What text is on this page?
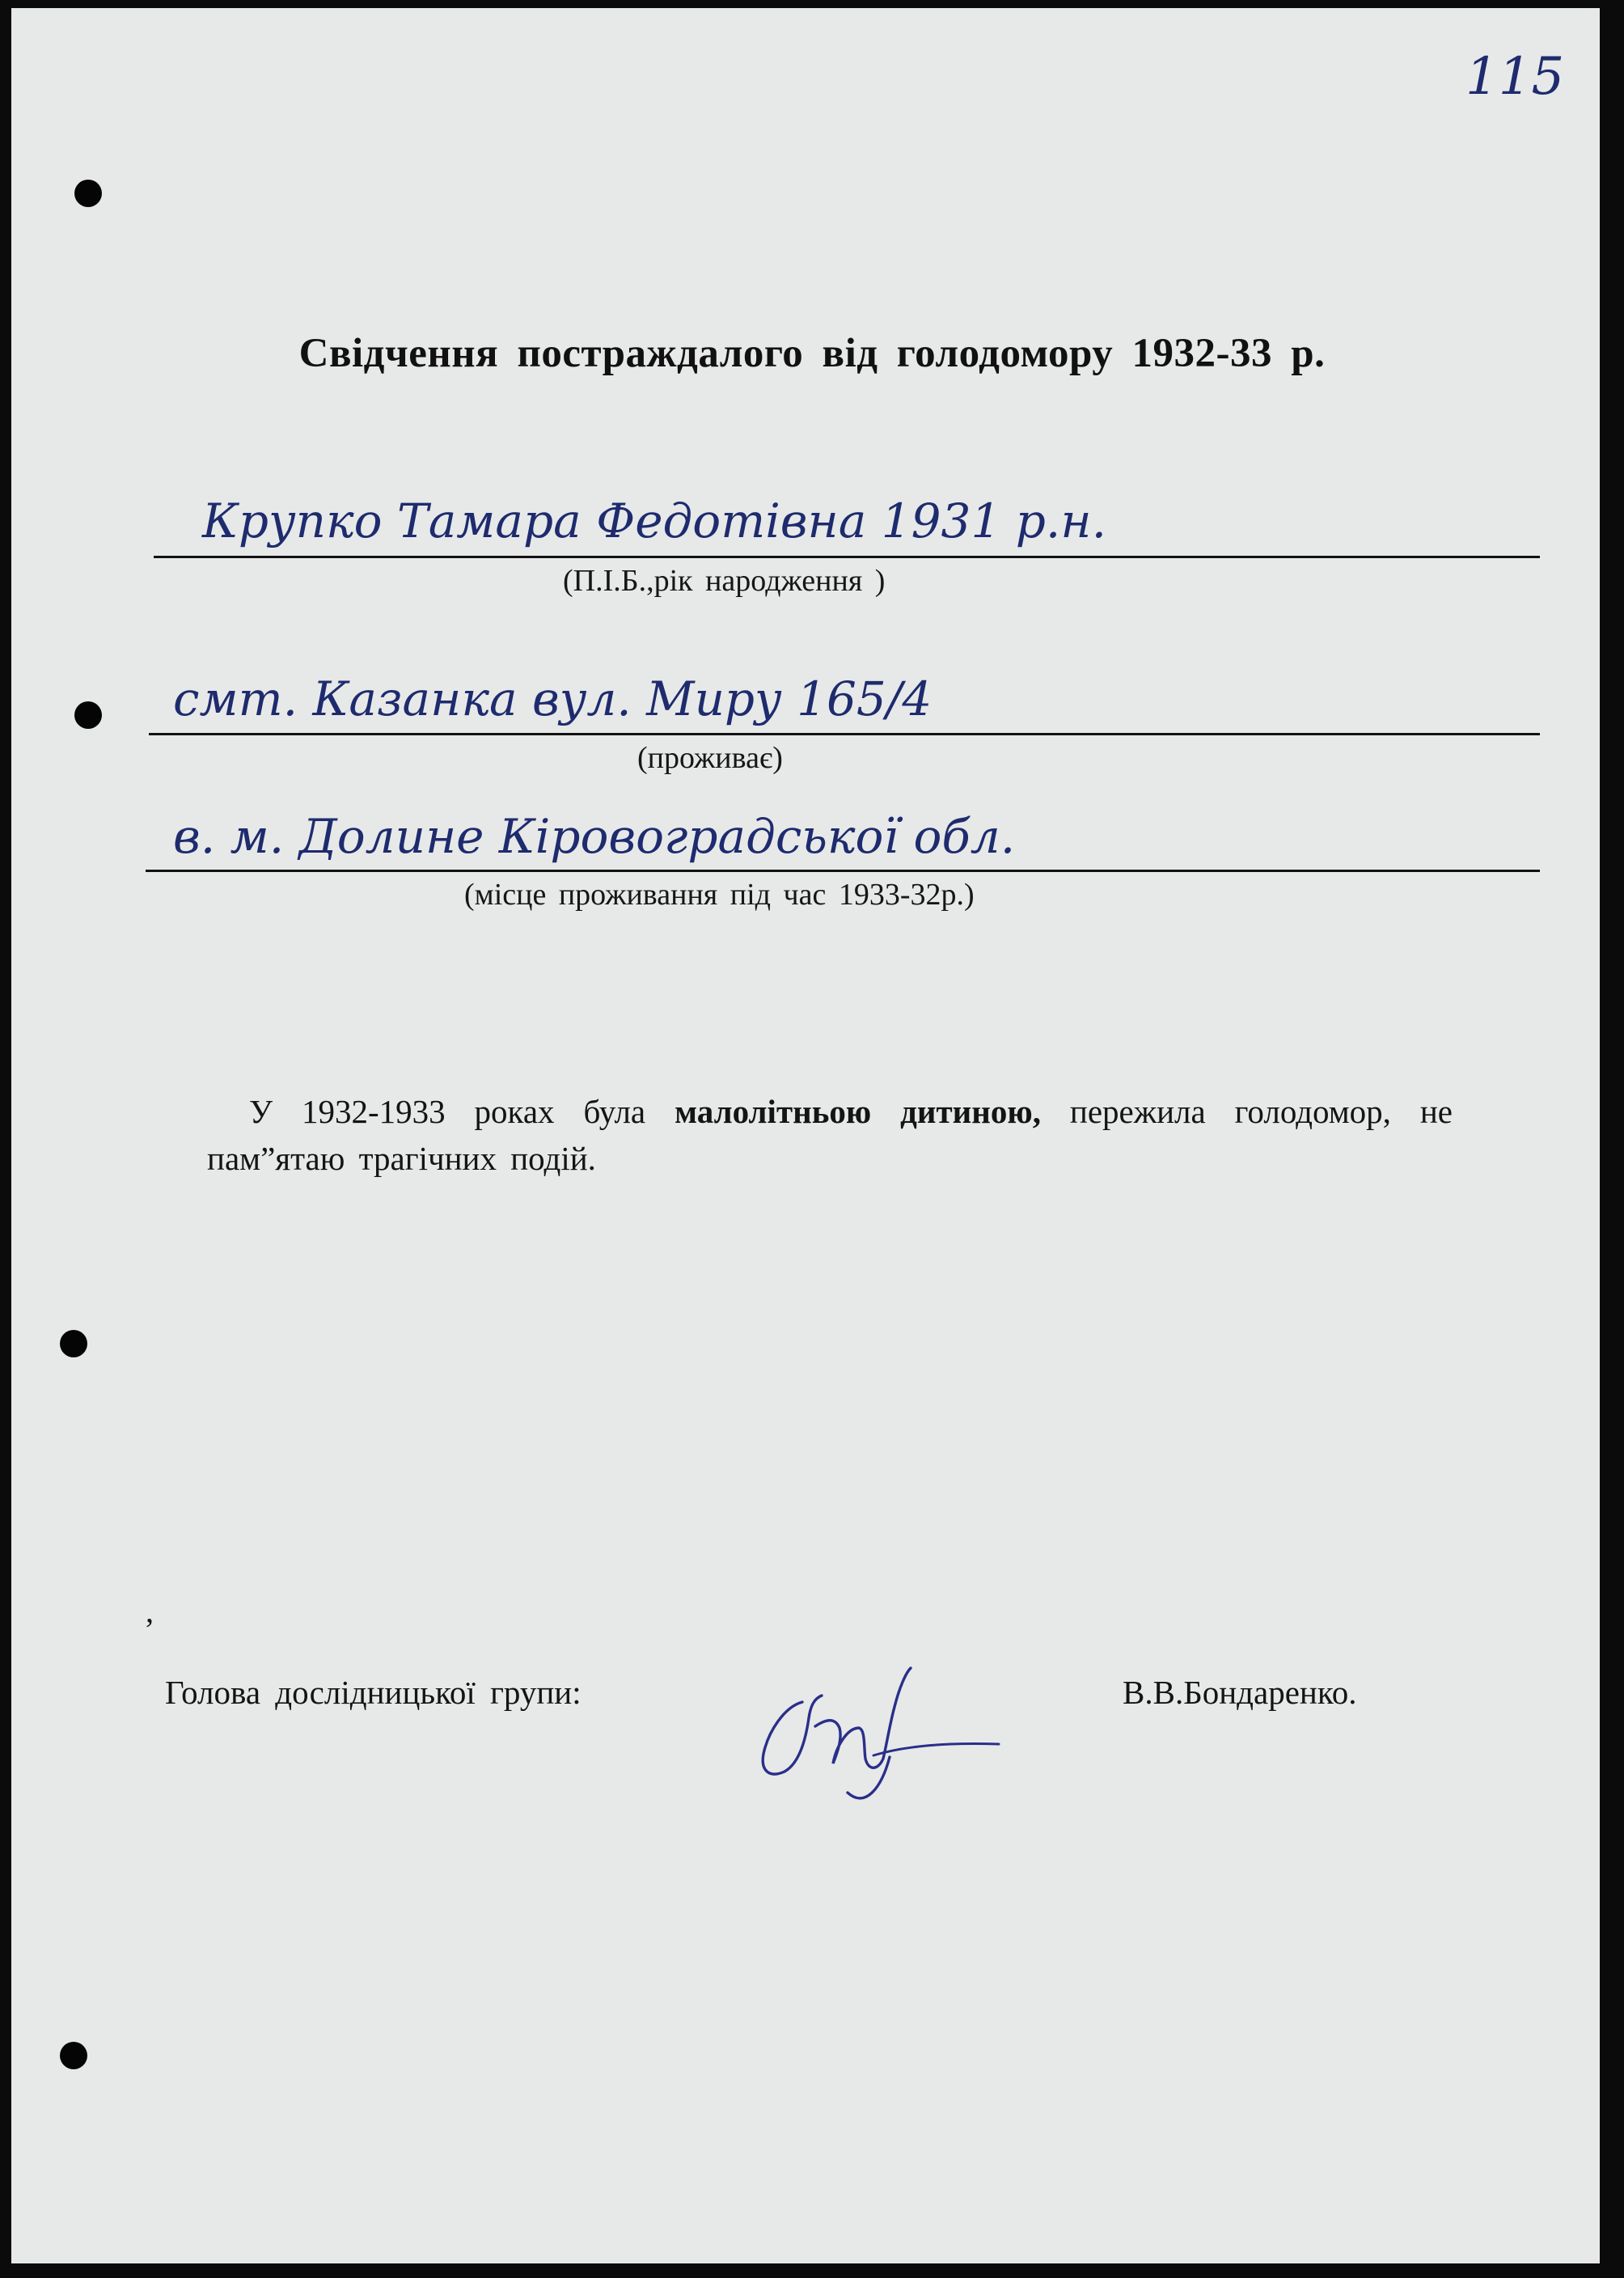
115
Свідчення постраждалого від голодомору 1932-33 р.
Крупко Тамара Федотівна 1931 р.н.
(П.І.Б.,рік народження )
смт. Казанка вул. Миру 165/4
(проживає)
в. м. Долине Кіровоградської обл.
(місце проживання під час 1933-32р.)
У 1932-1933 роках була малолітньою дитиною, пережила голодомор, не пам”ятаю трагічних подій.
,
Голова дослідницької групи:	В.В.Бондаренко.
